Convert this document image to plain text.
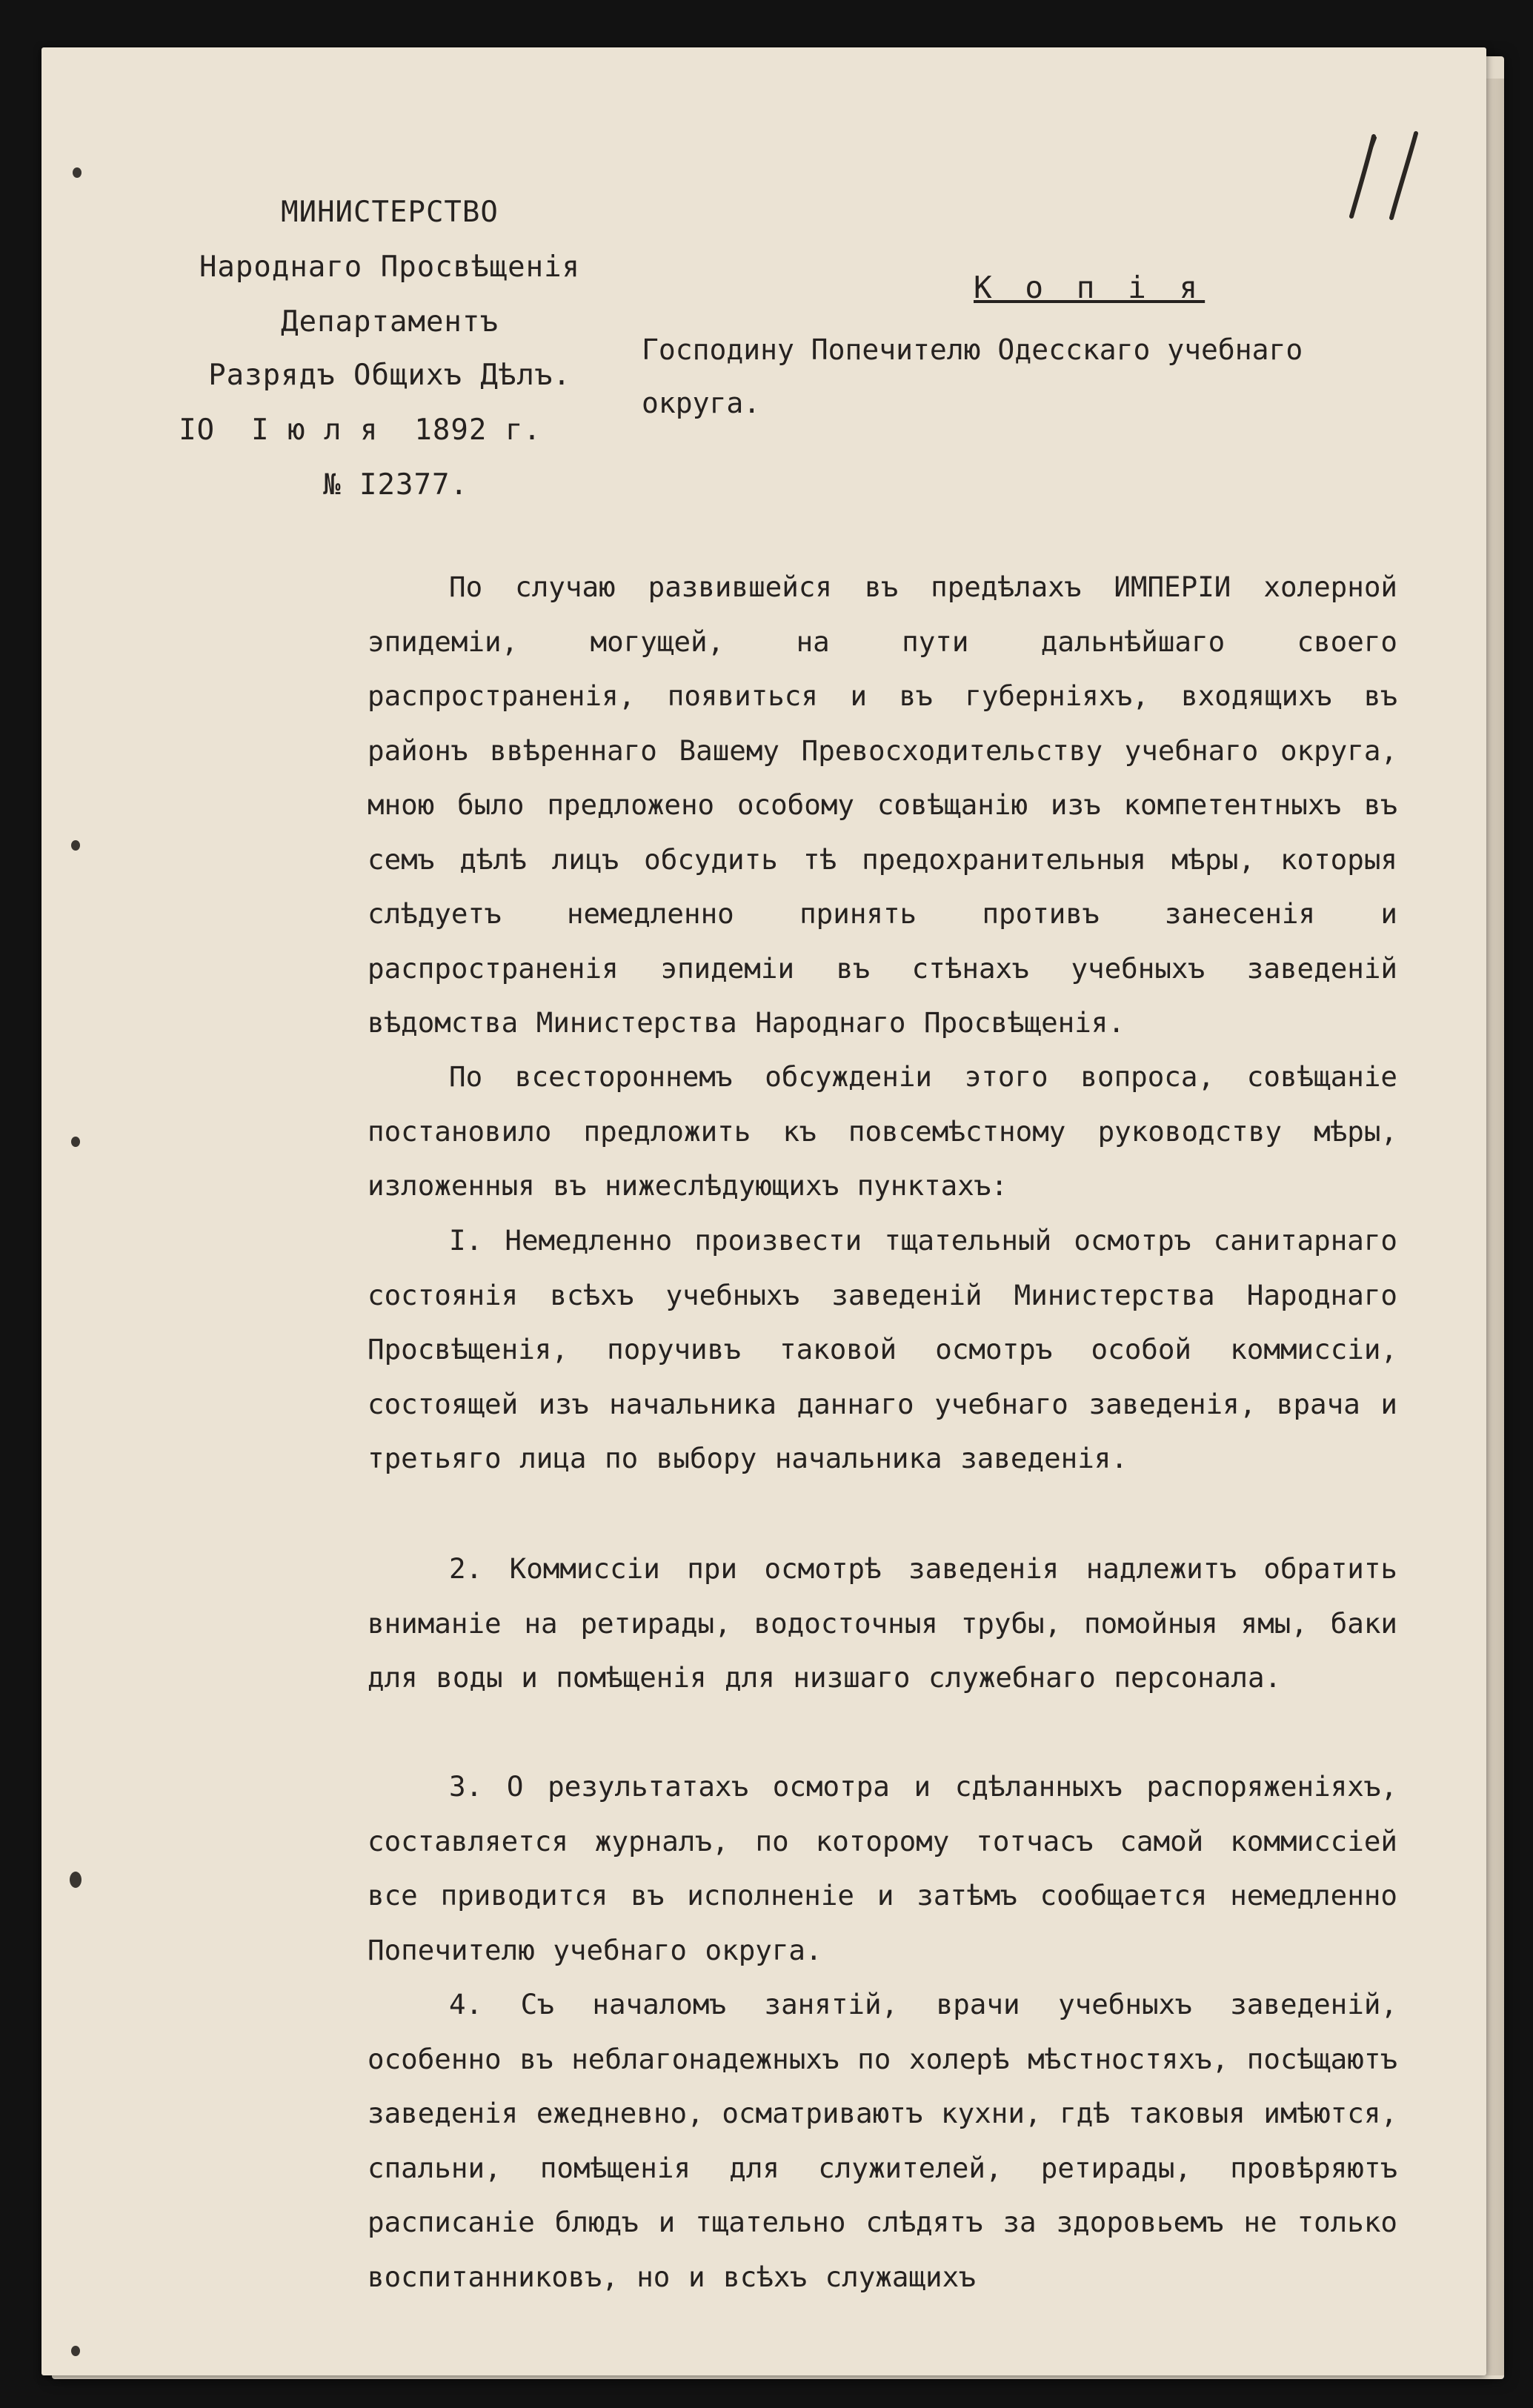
МИНИСТЕРСТВО
Народнаго Просвѣщенія
Департаментъ
Разрядъ Общихъ Дѣлъ.
IO  I ю л я  1892 г.
№ I2377.
К о п і я
Господину Попечителю Одесскаго учебнаго округа.

По случаю развившейся въ предѣлахъ ИМПЕРІИ холерной эпидеміи, могущей, на пути дальнѣйшаго своего распространенія, появиться и въ губерніяхъ, входящихъ въ районъ ввѣреннаго Вашему Превосходительству учебнаго округа, мною было предложено особому совѣщанію изъ компетентныхъ въ семъ дѣлѣ лицъ обсудить тѣ предохранительныя мѣры, которыя слѣдуетъ немедленно принять противъ занесенія и распространенія эпидеміи въ стѣнахъ учебныхъ заведеній вѣдомства Министерства Народнаго Просвѣщенія.

По всестороннемъ обсужденіи этого вопроса, совѣщаніе постановило предложить къ повсемѣстному руководству мѣры, изложенныя въ нижеслѣдующихъ пунктахъ:

I. Немедленно произвести тщательный осмотръ санитарнаго состоянія всѣхъ учебныхъ заведеній Министерства Народнаго Просвѣщенія, поручивъ таковой осмотръ особой коммиссіи, состоящей изъ начальника даннаго учебнаго заведенія, врача и третьяго лица по выбору начальника заведенія.

2. Коммиссіи при осмотрѣ заведенія надлежитъ обратить вниманіе на ретирады, водосточныя трубы, помойныя ямы, баки для воды и помѣщенія для низшаго служебнаго персонала.

3. О результатахъ осмотра и сдѣланныхъ распоряженіяхъ, составляется журналъ, по которому тотчасъ самой коммиссіей все приводится въ исполненіе и затѣмъ сообщается немедленно Попечителю учебнаго округа.

4. Съ началомъ занятій, врачи учебныхъ заведеній, особенно въ неблагонадежныхъ по холерѣ мѣстностяхъ, посѣщаютъ заведенія ежедневно, осматриваютъ кухни, гдѣ таковыя имѣются, спальни, помѣщенія для служителей, ретирады, провѣряютъ расписаніе блюдъ и тщательно слѣдятъ за здоровьемъ не только воспитанниковъ, но и всѣхъ служащихъ
